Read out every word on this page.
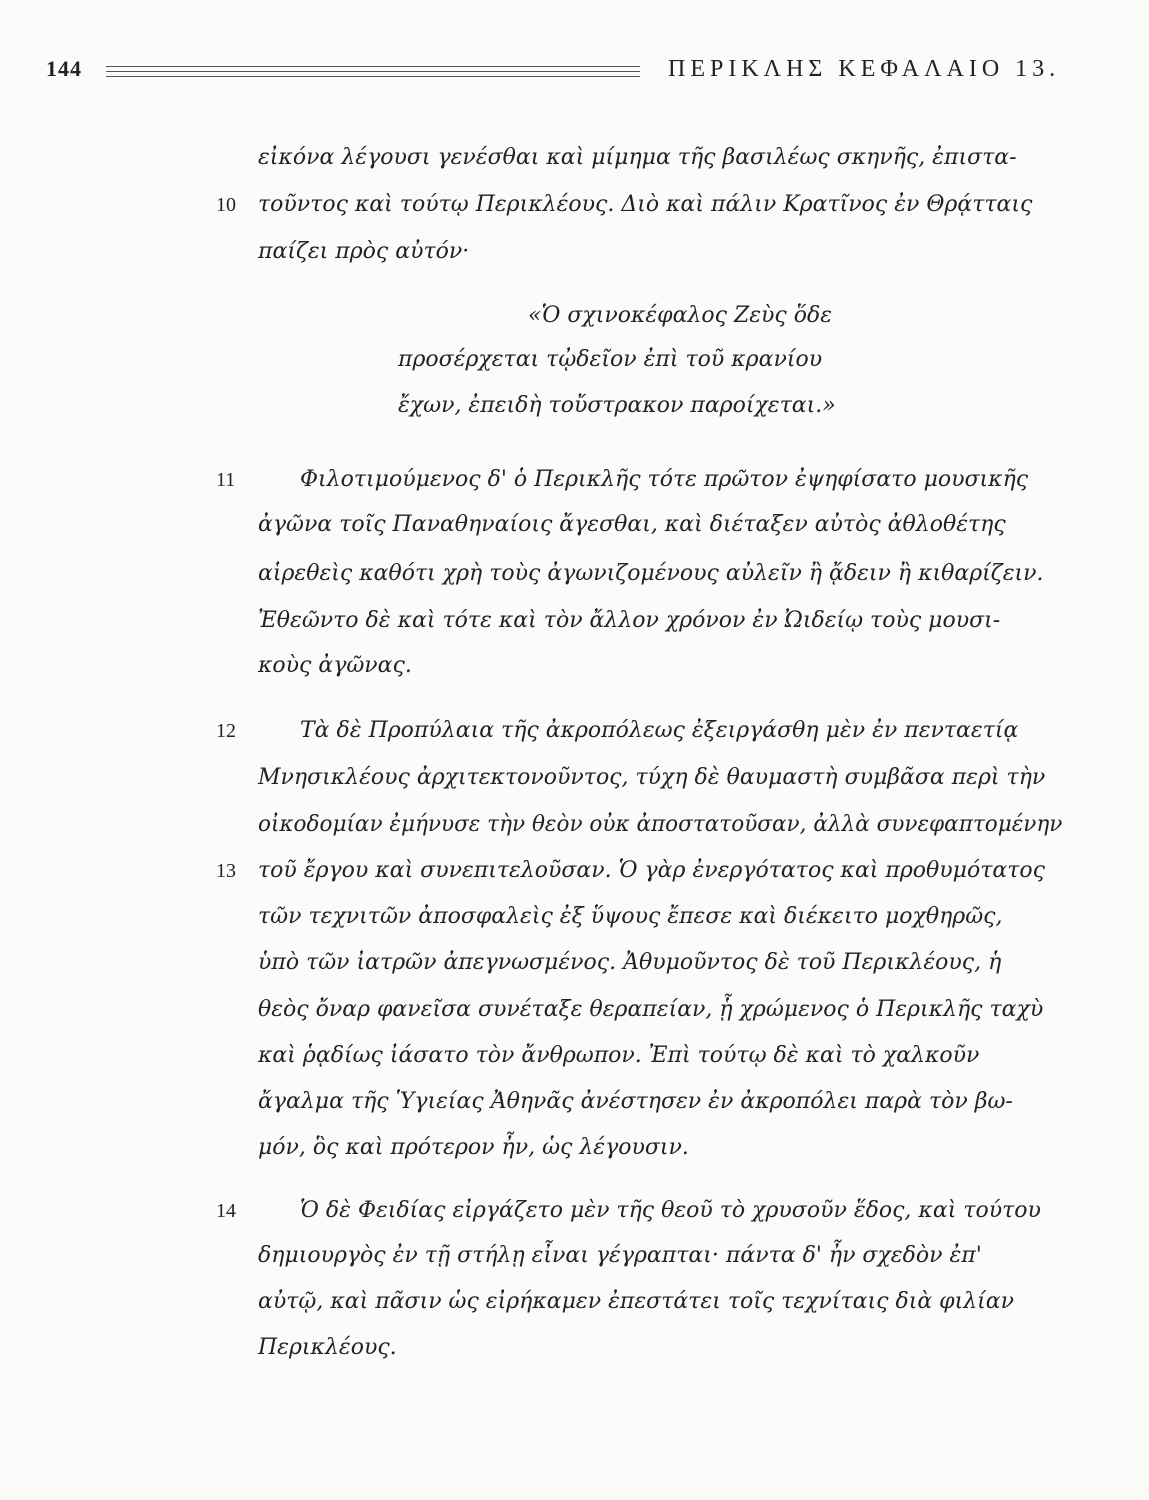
144	ΠΕΡΙΚΛΗΣ ΚΕΦΑΛΑΙΟ 13.
εἰκόνα λέγουσι γενέσθαι καὶ μίμημα τῆς βασιλέως σκηνῆς, ἐπιστα-
τοῦντος καὶ τούτῳ Περικλέους. Διὸ καὶ πάλιν Κρατῖνος ἐν Θρᾴτταις
παίζει πρὸς αὐτόν·
«Ὁ σχινοκέφαλος Ζεὺς ὅδε
προσέρχεται τᾠδεῖον ἐπὶ τοῦ κρανίου
ἔχων, ἐπειδὴ τοὔστρακον παροίχεται.»
Φιλοτιμούμενος δ' ὁ Περικλῆς τότε πρῶτον ἐψηφίσατο μουσικῆς
ἀγῶνα τοῖς Παναθηναίοις ἄγεσθαι, καὶ διέταξεν αὐτὸς ἀθλοθέτης
αἱρεθεὶς καθότι χρὴ τοὺς ἀγωνιζομένους αὐλεῖν ἢ ᾄδειν ἢ κιθαρίζειν.
Ἐθεῶντο δὲ καὶ τότε καὶ τὸν ἄλλον χρόνον ἐν Ὠιδείῳ τοὺς μουσι-
κοὺς ἀγῶνας.
Τὰ δὲ Προπύλαια τῆς ἀκροπόλεως ἐξειργάσθη μὲν ἐν πενταετίᾳ
Μνησικλέους ἀρχιτεκτονοῦντος, τύχη δὲ θαυμαστὴ συμβᾶσα περὶ τὴν
οἰκοδομίαν ἐμήνυσε τὴν θεὸν οὐκ ἀποστατοῦσαν, ἀλλὰ συνεφαπτομένην
τοῦ ἔργου καὶ συνεπιτελοῦσαν. Ὁ γὰρ ἐνεργότατος καὶ προθυμότατος
τῶν τεχνιτῶν ἀποσφαλεὶς ἐξ ὕψους ἔπεσε καὶ διέκειτο μοχθηρῶς,
ὑπὸ τῶν ἰατρῶν ἀπεγνωσμένος. Ἀθυμοῦντος δὲ τοῦ Περικλέους, ἡ
θεὸς ὄναρ φανεῖσα συνέταξε θεραπείαν, ᾗ χρώμενος ὁ Περικλῆς ταχὺ
καὶ ῥᾳδίως ἰάσατο τὸν ἄνθρωπον. Ἐπὶ τούτῳ δὲ καὶ τὸ χαλκοῦν
ἄγαλμα τῆς Ὑγιείας Ἀθηνᾶς ἀνέστησεν ἐν ἀκροπόλει παρὰ τὸν βω-
μόν, ὃς καὶ πρότερον ἦν, ὡς λέγουσιν.
Ὁ δὲ Φειδίας εἰργάζετο μὲν τῆς θεοῦ τὸ χρυσοῦν ἕδος, καὶ τούτου
δημιουργὸς ἐν τῇ στήλῃ εἶναι γέγραπται· πάντα δ' ἦν σχεδὸν ἐπ'
αὐτῷ, καὶ πᾶσιν ὡς εἰρήκαμεν ἐπεστάτει τοῖς τεχνίταις διὰ φιλίαν
Περικλέους.
10
11
12
13
14
